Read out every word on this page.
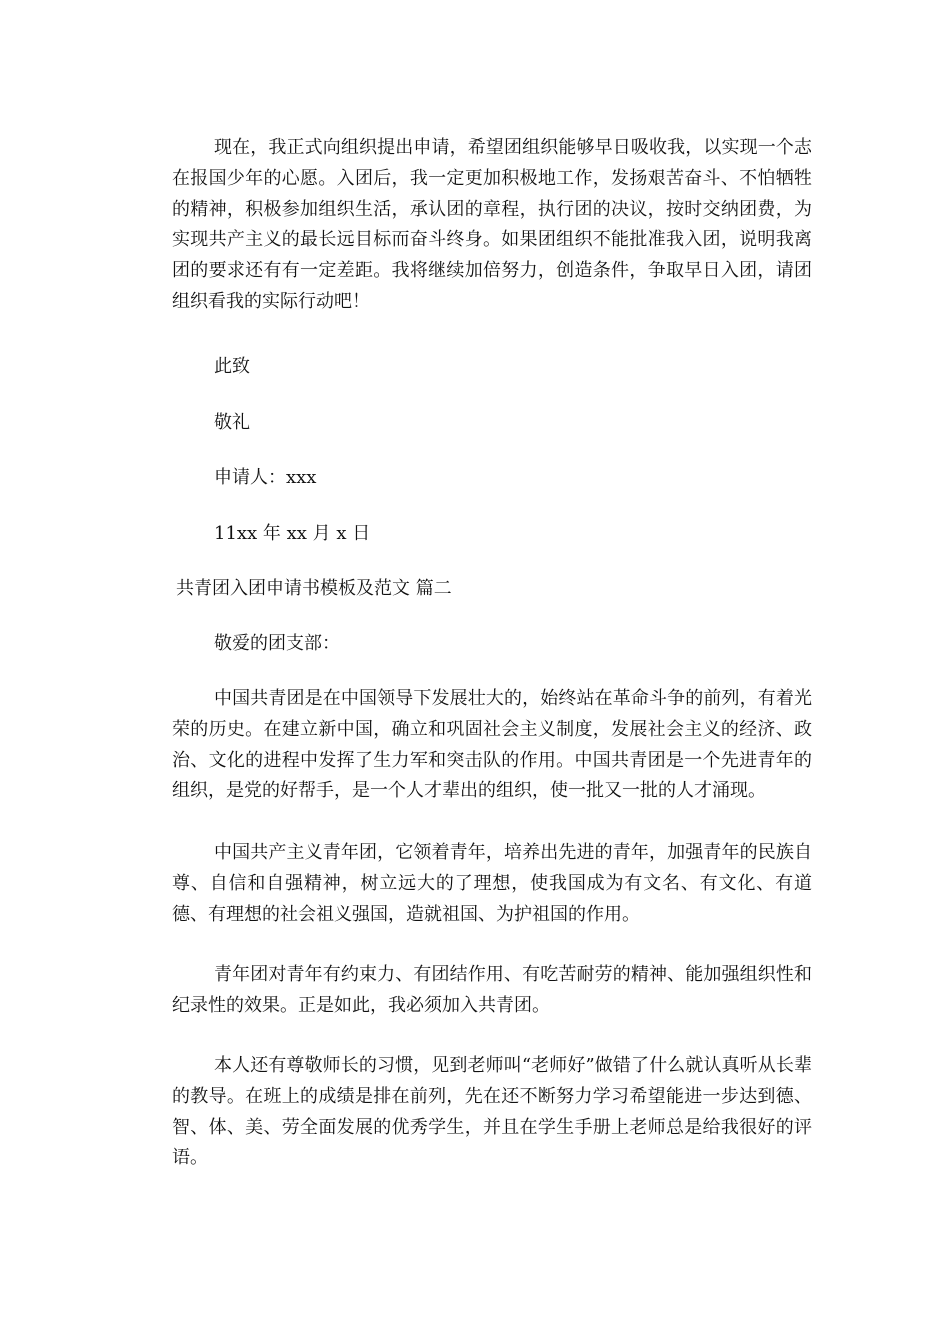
现在，我正式向组织提出申请，希望团组织能够早日吸收我，以实现一个志在报国少年的心愿。入团后，我一定更加积极地工作，发扬艰苦奋斗、不怕牺牲的精神，积极参加组织生活，承认团的章程，执行团的决议，按时交纳团费，为实现共产主义的最长远目标而奋斗终身。如果团组织不能批准我入团，说明我离团的要求还有有一定差距。我将继续加倍努力，创造条件，争取早日入团，请团组织看我的实际行动吧！

此致

敬礼

申请人：xxx

11xx 年 xx 月 x 日

共青团入团申请书模板及范文 篇二

敬爱的团支部：

中国共青团是在中国领导下发展壮大的，始终站在革命斗争的前列，有着光荣的历史。在建立新中国，确立和巩固社会主义制度，发展社会主义的经济、政治、文化的进程中发挥了生力军和突击队的作用。中国共青团是一个先进青年的组织，是党的好帮手，是一个人才辈出的组织，使一批又一批的人才涌现。

中国共产主义青年团，它领着青年，培养出先进的青年，加强青年的民族自尊、自信和自强精神，树立远大的了理想，使我国成为有文名、有文化、有道德、有理想的社会祖义强国，造就祖国、为护祖国的作用。

青年团对青年有约束力、有团结作用、有吃苦耐劳的精神、能加强组织性和纪录性的效果。正是如此，我必须加入共青团。

本人还有尊敬师长的习惯，见到老师叫“老师好”做错了什么就认真听从长辈的教导。在班上的成绩是排在前列，先在还不断努力学习希望能进一步达到德、智、体、美、劳全面发展的优秀学生，并且在学生手册上老师总是给我很好的评语。
